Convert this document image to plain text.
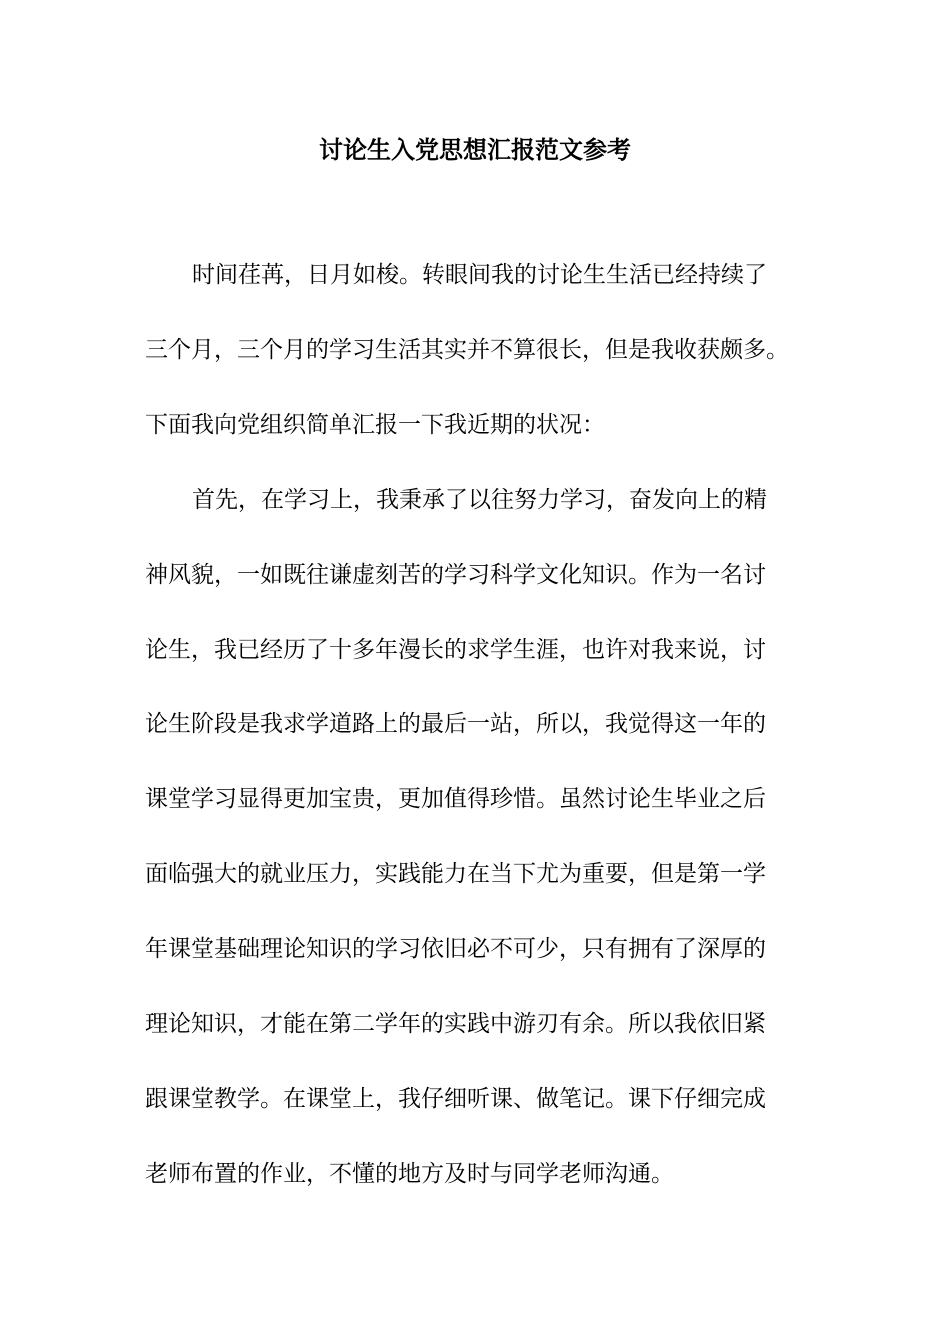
讨论生入党思想汇报范文参考
时间荏苒，日月如梭。转眼间我的讨论生生活已经持续了
三个月，三个月的学习生活其实并不算很长，但是我收获颇多。
下面我向党组织简单汇报一下我近期的状况：
首先，在学习上，我秉承了以往努力学习，奋发向上的精
神风貌，一如既往谦虚刻苦的学习科学文化知识。作为一名讨
论生，我已经历了十多年漫长的求学生涯，也许对我来说，讨
论生阶段是我求学道路上的最后一站，所以，我觉得这一年的
课堂学习显得更加宝贵，更加值得珍惜。虽然讨论生毕业之后
面临强大的就业压力，实践能力在当下尤为重要，但是第一学
年课堂基础理论知识的学习依旧必不可少，只有拥有了深厚的
理论知识，才能在第二学年的实践中游刃有余。所以我依旧紧
跟课堂教学。在课堂上，我仔细听课、做笔记。课下仔细完成
老师布置的作业，不懂的地方及时与同学老师沟通。
